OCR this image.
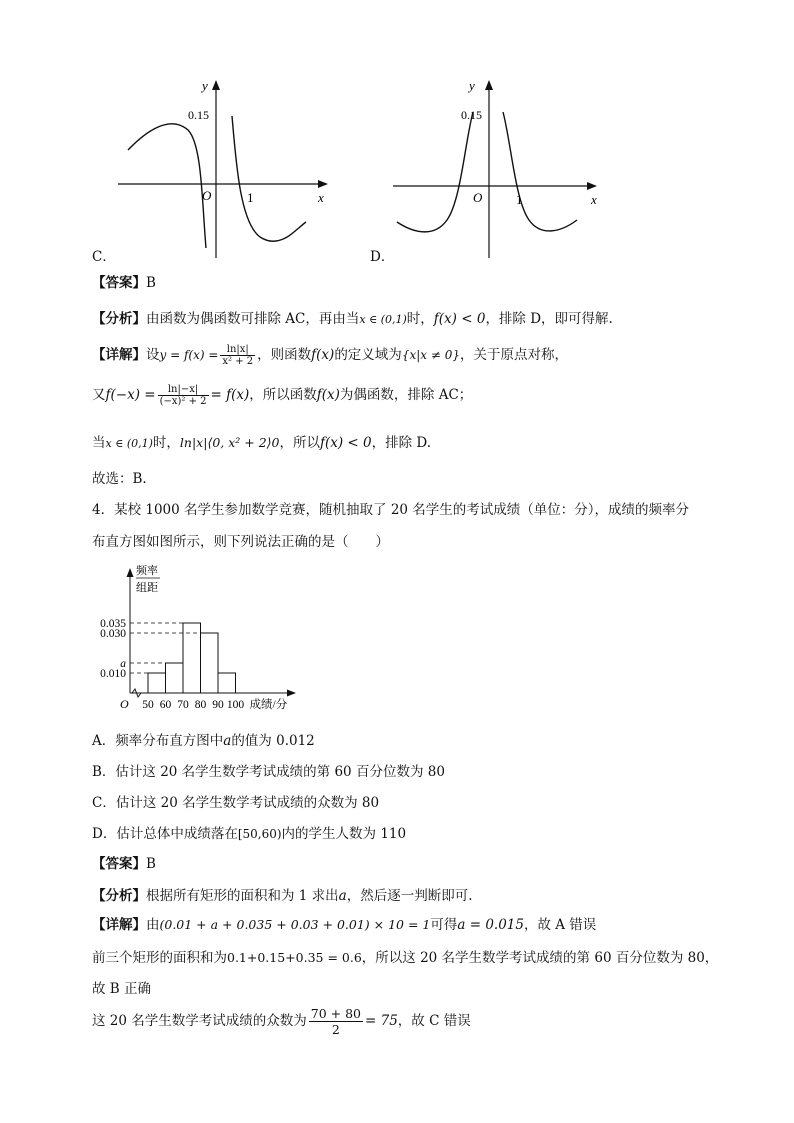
y
x
O
0.15
1
C．
y
x
O
0.15
1
D．
【答案】B
【分析】由函数为偶函数可排除 AC，再由当x ∈ (0,1)时，f(x) < 0，排除 D，即可得解.
【详解】设$y = f(x) = \frac{\ln|x|}{\text{x² + 2}}$ ，则函数f(x)的定义域为{x|x ≠ 0}，关于原点对称，
又$f(-x) = \frac{\ln|-x|}{\text{(−x)² + 2}} = f(x)$，所以函数f(x)为偶函数，排除 AC；
当x ∈ (0,1)时，ln|x|⟨0, x² + 2⟩0，所以f(x) < 0，排除 D.
故选：B.
4．某校 1000 名学生参加数学竞赛，随机抽取了 20 名学生的考试成绩（单位：分），成绩的频率分
布直方图如图所示，则下列说法正确的是（　　）
0.035
0.030
a
0.010
50 60 70 80 90 100
O	成绩/分
频率
组距
A．频率分布直方图中a的值为 0.012
B．估计这 20 名学生数学考试成绩的第 60 百分位数为 80
C．估计这 20 名学生数学考试成绩的众数为 80
D．估计总体中成绩落在[50,60)内的学生人数为 110
【答案】B
【分析】根据所有矩形的面积和为 1 求出a，然后逐一判断即可.
【详解】由(0.01 + a + 0.035 + 0.03 + 0.01) × 10 = 1可得a = 0.015，故 A 错误
前三个矩形的面积和为0.1+0.15+0.35 = 0.6，所以这 20 名学生数学考试成绩的第 60 百分位数为 80，
故 B 正确
这 20 名学生数学考试成绩的众数为 $\frac{70 + 80}{2} = 75$，故 C 错误
